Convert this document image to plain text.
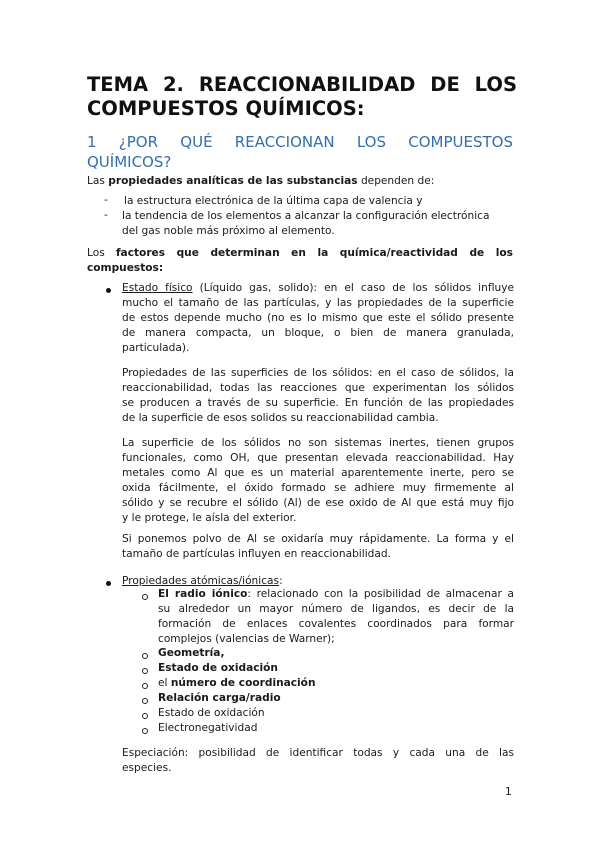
TEMA 2. REACCIONABILIDAD DE LOS
COMPUESTOS QUÍMICOS:
1 ¿POR QUÉ REACCIONAN LOS COMPUESTOS
QUÍMICOS?
Las propiedades analíticas de las substancias dependen de:
- la estructura electrónica de la última capa de valencia y
- la tendencia de los elementos a alcanzar la configuración electrónica
del gas noble más próximo al elemento.
Los factores que determinan en la química/reactividad de los
compuestos:
Estado físico (Líquido gas, solido): en el caso de los sólidos influye
mucho el tamaño de las partículas, y las propiedades de la superficie
de estos depende mucho (no es lo mismo que este el sólido presente
de manera compacta, un bloque, o bien de manera granulada,
particulada).
Propiedades de las superficies de los sólidos: en el caso de sólidos, la
reaccionabilidad, todas las reacciones que experimentan los sólidos
se producen a través de su superficie. En función de las propiedades
de la superficie de esos solidos su reaccionabilidad cambia.
La superficie de los sólidos no son sistemas inertes, tienen grupos
funcionales, como OH, que presentan elevada reaccionabilidad. Hay
metales como Al que es un material aparentemente inerte, pero se
oxida fácilmente, el óxido formado se adhiere muy firmemente al
sólido y se recubre el sólido (Al) de ese oxido de Al que está muy fijo
y le protege, le aísla del exterior.
Si ponemos polvo de Al se oxidaría muy rápidamente. La forma y el
tamaño de partículas influyen en reaccionabilidad.
Propiedades atómicas/iónicas:
El radio iónico: relacionado con la posibilidad de almacenar a
su alrededor un mayor número de ligandos, es decir de la
formación de enlaces covalentes coordinados para formar
complejos (valencias de Warner);
Geometría,
Estado de oxidación
el número de coordinación
Relación carga/radio
Estado de oxidación
Electronegatividad
Especiación: posibilidad de identificar todas y cada una de las
especies.
1
